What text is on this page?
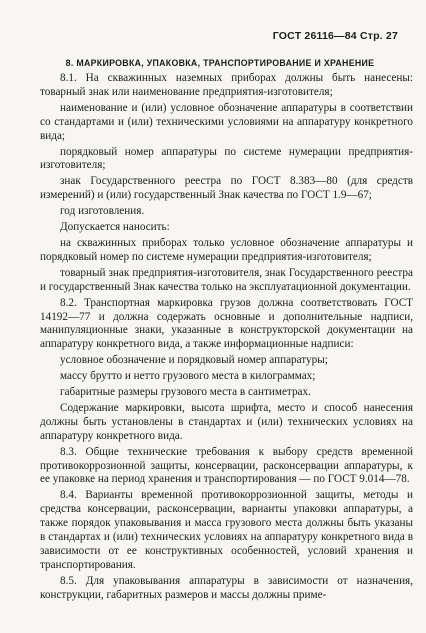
ГОСТ 26116—84 Стр. 27
8. МАРКИРОВКА, УПАКОВКА, ТРАНСПОРТИРОВАНИЕ И ХРАНЕНИЕ

8.1. На скважинных наземных приборах должны быть нанесены: товарный знак или наименование предприятия-изготовителя;

наименование и (или) условное обозначение аппаратуры в соответствии со стандартами и (или) техническими условиями на аппаратуру конкретного вида;

порядковый номер аппаратуры по системе нумерации предприятия-изготовителя;

знак Государственного реестра по ГОСТ 8.383—80 (для средств измерений) и (или) государственный Знак качества по ГОСТ 1.9—67;

год изготовления.

Допускается наносить:

на скважинных приборах только условное обозначение аппаратуры и порядковый номер по системе нумерации предприятия-изготовителя;

товарный знак предприятия-изготовителя, знак Государственного реестра и государственный Знак качества только на эксплуатационной документации.

8.2. Транспортная маркировка грузов должна соответствовать ГОСТ 14192—77 и должна содержать основные и дополнительные надписи, манипуляционные знаки, указанные в конструкторской документации на аппаратуру конкретного вида, а также информационные надписи:

условное обозначение и порядковый номер аппаратуры;

массу брутто и нетто грузового места в килограммах;

габаритные размеры грузового места в сантиметрах.

Содержание маркировки, высота шрифта, место и способ нанесения должны быть установлены в стандартах и (или) технических условиях на аппаратуру конкретного вида.

8.3. Общие технические требования к выбору средств временной противокоррозионной защиты, консервации, расконсервации аппаратуры, к ее упаковке на период хранения и транспортирования — по ГОСТ 9.014—78.

8.4. Варианты временной противокоррозионной защиты, методы и средства консервации, расконсервации, варианты упаковки аппаратуры, а также порядок упаковывания и масса грузового места должны быть указаны в стандартах и (или) технических условиях на аппаратуру конкретного вида в зависимости от ее конструктивных особенностей, условий хранения и транспортирования.

8.5. Для упаковывания аппаратуры в зависимости от назначения, конструкции, габаритных размеров и массы должны приме-
